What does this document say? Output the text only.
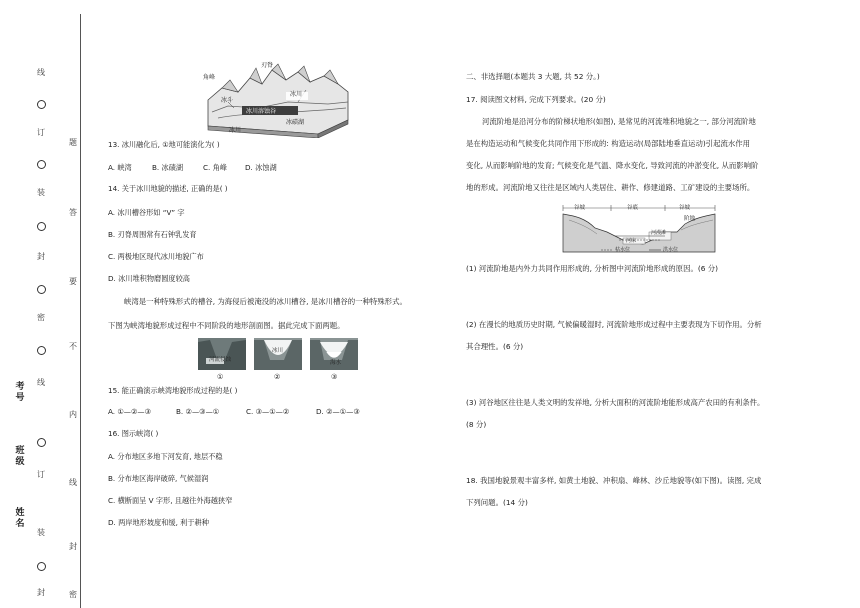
线
订
装
封
密
线
订
装
封
题
答
要
不
内
线
封
密
考号
班级
姓名
刃脊
角峰
冰川
冰斗
冰碛湖
冰川溶蚀谷
冰川
13. 冰川融化后, ①地可能演化为( )
A. 峡湾	B. 冰碛湖	C. 角峰	D. 冰蚀湖
14. 关于冰川地貌的描述, 正确的是( )
A. 冰川槽谷形如 “V” 字
B. 刃脊周围常有石钟乳发育
C. 两极地区现代冰川地貌广布
D. 冰川堆积物磨圆度较高
峡湾是一种特殊形式的槽谷, 为海侵后被淹没的冰川槽谷, 是冰川槽谷的一种特殊形式。
下图为峡湾地貌形成过程中不同阶段的地形剖面图。据此完成下面两题。
河流侵蚀
冰川
海水
①	②	③
15. 能正确演示峡湾地貌形成过程的是( )
A. ①—②—③	B. ②—③—①	C. ③—①—②	D. ②—①—③
16. 图示峡湾( )
A. 分布地区多地下河发育, 地层不稳
B. 分布地区海岸破碎, 气候湿润
C. 横断面呈 V 字形, 且越往外海越狭窄
D. 两岸地形坡度和缓, 利于耕种
二、非选择题(本题共 3 大题, 共 52 分。)
17. 阅读图文材料, 完成下列要求。(20 分)
河流阶地是沿河分布的阶梯状地形(如图), 是常见的河流堆积地貌之一, 部分河流阶地
是在构造运动和气候变化共同作用下形成的: 构造运动(局部陆地垂直运动)引起流水作用
变化, 从而影响阶地的发育; 气候变化是气温、降水变化, 导致河流的冲淤变化, 从而影响阶
地的形成。河流阶地又往往是区域内人类居住、耕作、修建道路、工矿建设的主要场所。
谷坡	谷底	谷坡
阶地
河床
河漫滩
枯水位	洪水位
(1) 河流阶地是内外力共同作用形成的, 分析图中河流阶地形成的原因。(6 分)
(2) 在漫长的地质历史时期, 气候偏暖湿时, 河流阶地形成过程中主要表现为下切作用。分析
其合理性。(6 分)
(3) 河谷地区往往是人类文明的发祥地, 分析大面积的河流阶地能形成高产农田的有利条件。
(8 分)
18. 我国地貌景观丰富多样, 如黄土地貌、冲积扇、峰林、沙丘地貌等(如下图)。读图, 完成
下列问题。(14 分)
